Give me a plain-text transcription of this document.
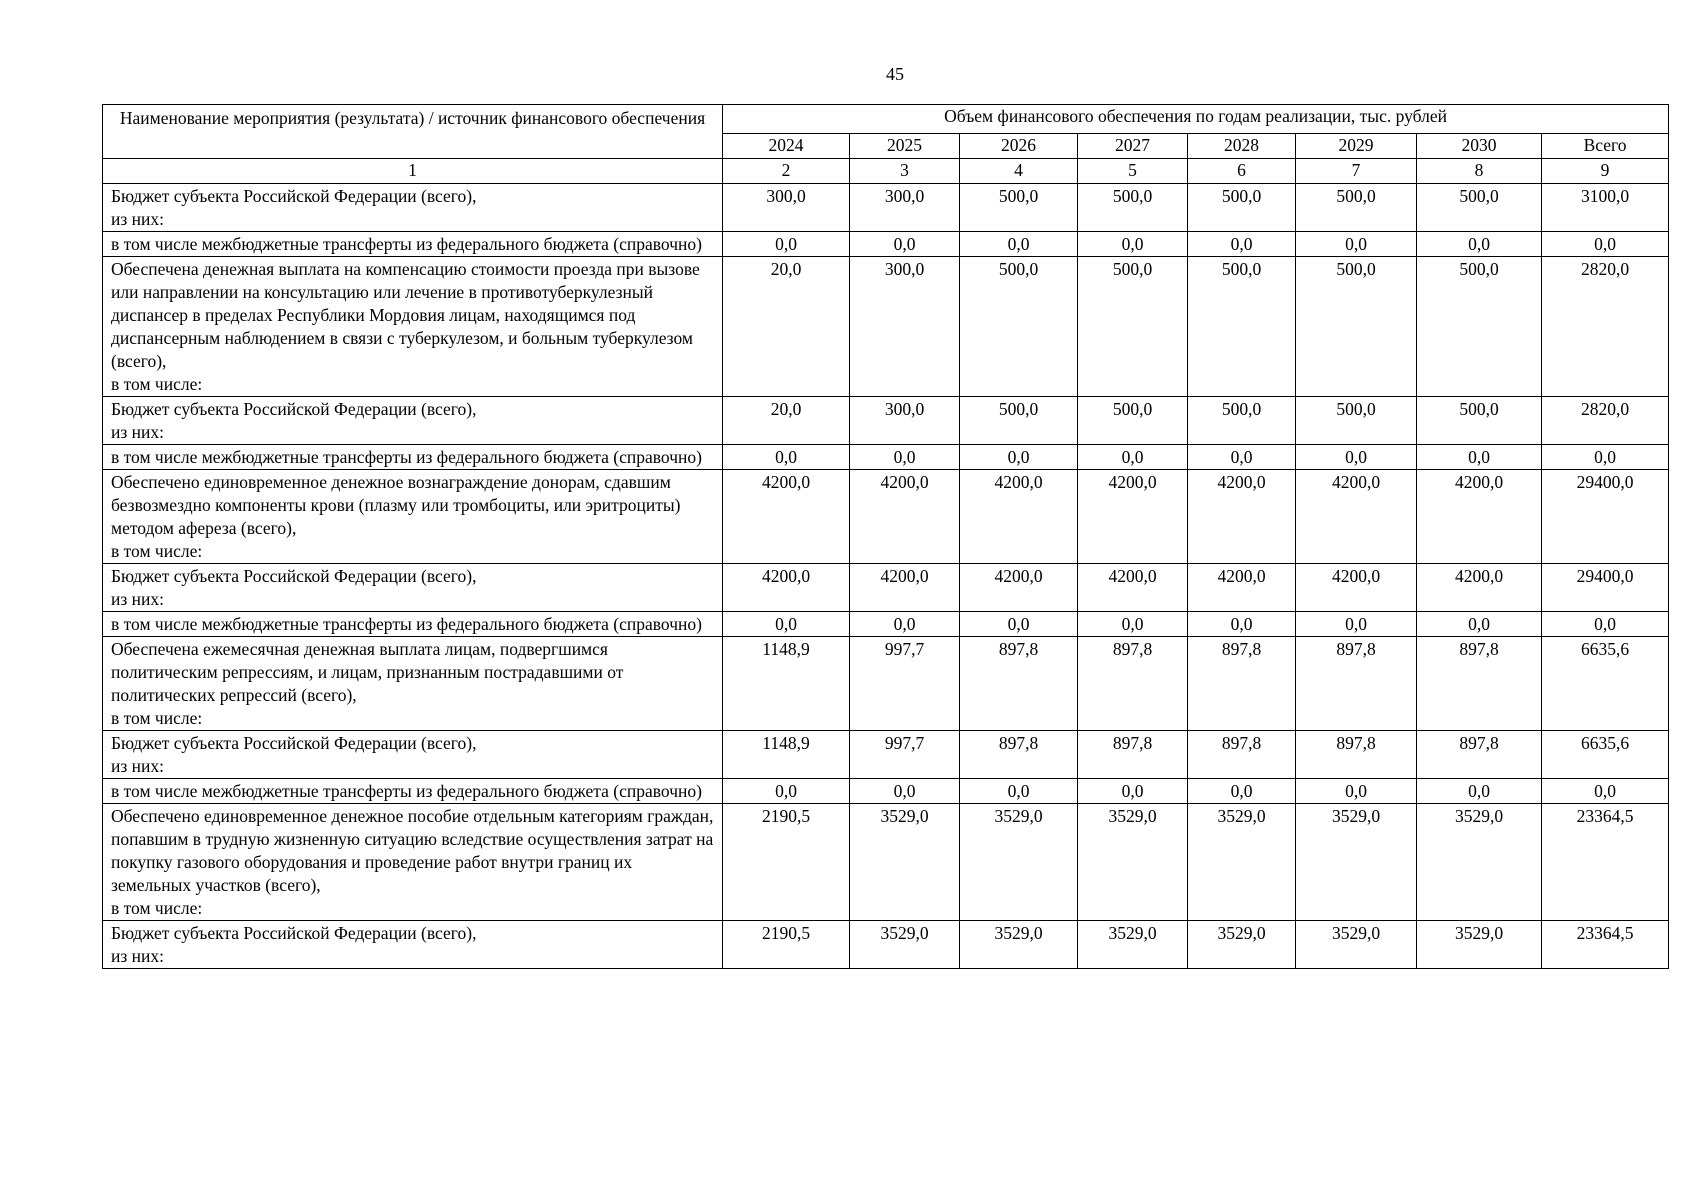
45
Наименование мероприятия (результата) / источник финансового обеспечения	Объем финансового обеспечения по годам реализации, тыс. рублей							
	2024	2025	2026	2027	2028	2029	2030	Всего
1	2	3	4	5	6	7	8	9
Бюджет субъекта Российской Федерации (всего),
из них:	300,0	300,0	500,0	500,0	500,0	500,0	500,0	3100,0
в том числе межбюджетные трансферты из федерального бюджета (справочно)	0,0	0,0	0,0	0,0	0,0	0,0	0,0	0,0
Обеспечена денежная выплата на компенсацию стоимости проезда при вызове или направлении на консультацию или лечение в противотуберкулезный диспансер в пределах Республики Мордовия лицам, находящимся под диспансерным наблюдением в связи с туберкулезом, и больным туберкулезом (всего),
в том числе:	20,0	300,0	500,0	500,0	500,0	500,0	500,0	2820,0
Бюджет субъекта Российской Федерации (всего),
из них:	20,0	300,0	500,0	500,0	500,0	500,0	500,0	2820,0
в том числе межбюджетные трансферты из федерального бюджета (справочно)	0,0	0,0	0,0	0,0	0,0	0,0	0,0	0,0
Обеспечено единовременное денежное вознаграждение донорам, сдавшим безвозмездно компоненты крови (плазму или тромбоциты, или эритроциты) методом афереза (всего),
в том числе:	4200,0	4200,0	4200,0	4200,0	4200,0	4200,0	4200,0	29400,0
Бюджет субъекта Российской Федерации (всего),
из них:	4200,0	4200,0	4200,0	4200,0	4200,0	4200,0	4200,0	29400,0
в том числе межбюджетные трансферты из федерального бюджета (справочно)	0,0	0,0	0,0	0,0	0,0	0,0	0,0	0,0
Обеспечена ежемесячная денежная выплата лицам, подвергшимся политическим репрессиям, и лицам, признанным пострадавшими от политических репрессий (всего),
в том числе:	1148,9	997,7	897,8	897,8	897,8	897,8	897,8	6635,6
Бюджет субъекта Российской Федерации (всего),
из них:	1148,9	997,7	897,8	897,8	897,8	897,8	897,8	6635,6
в том числе межбюджетные трансферты из федерального бюджета (справочно)	0,0	0,0	0,0	0,0	0,0	0,0	0,0	0,0
Обеспечено единовременное денежное пособие отдельным категориям граждан, попавшим в трудную жизненную ситуацию вследствие осуществления затрат на покупку газового оборудования и проведение работ внутри границ их земельных участков (всего),
в том числе:	2190,5	3529,0	3529,0	3529,0	3529,0	3529,0	3529,0	23364,5
Бюджет субъекта Российской Федерации (всего),
из них:	2190,5	3529,0	3529,0	3529,0	3529,0	3529,0	3529,0	23364,5
